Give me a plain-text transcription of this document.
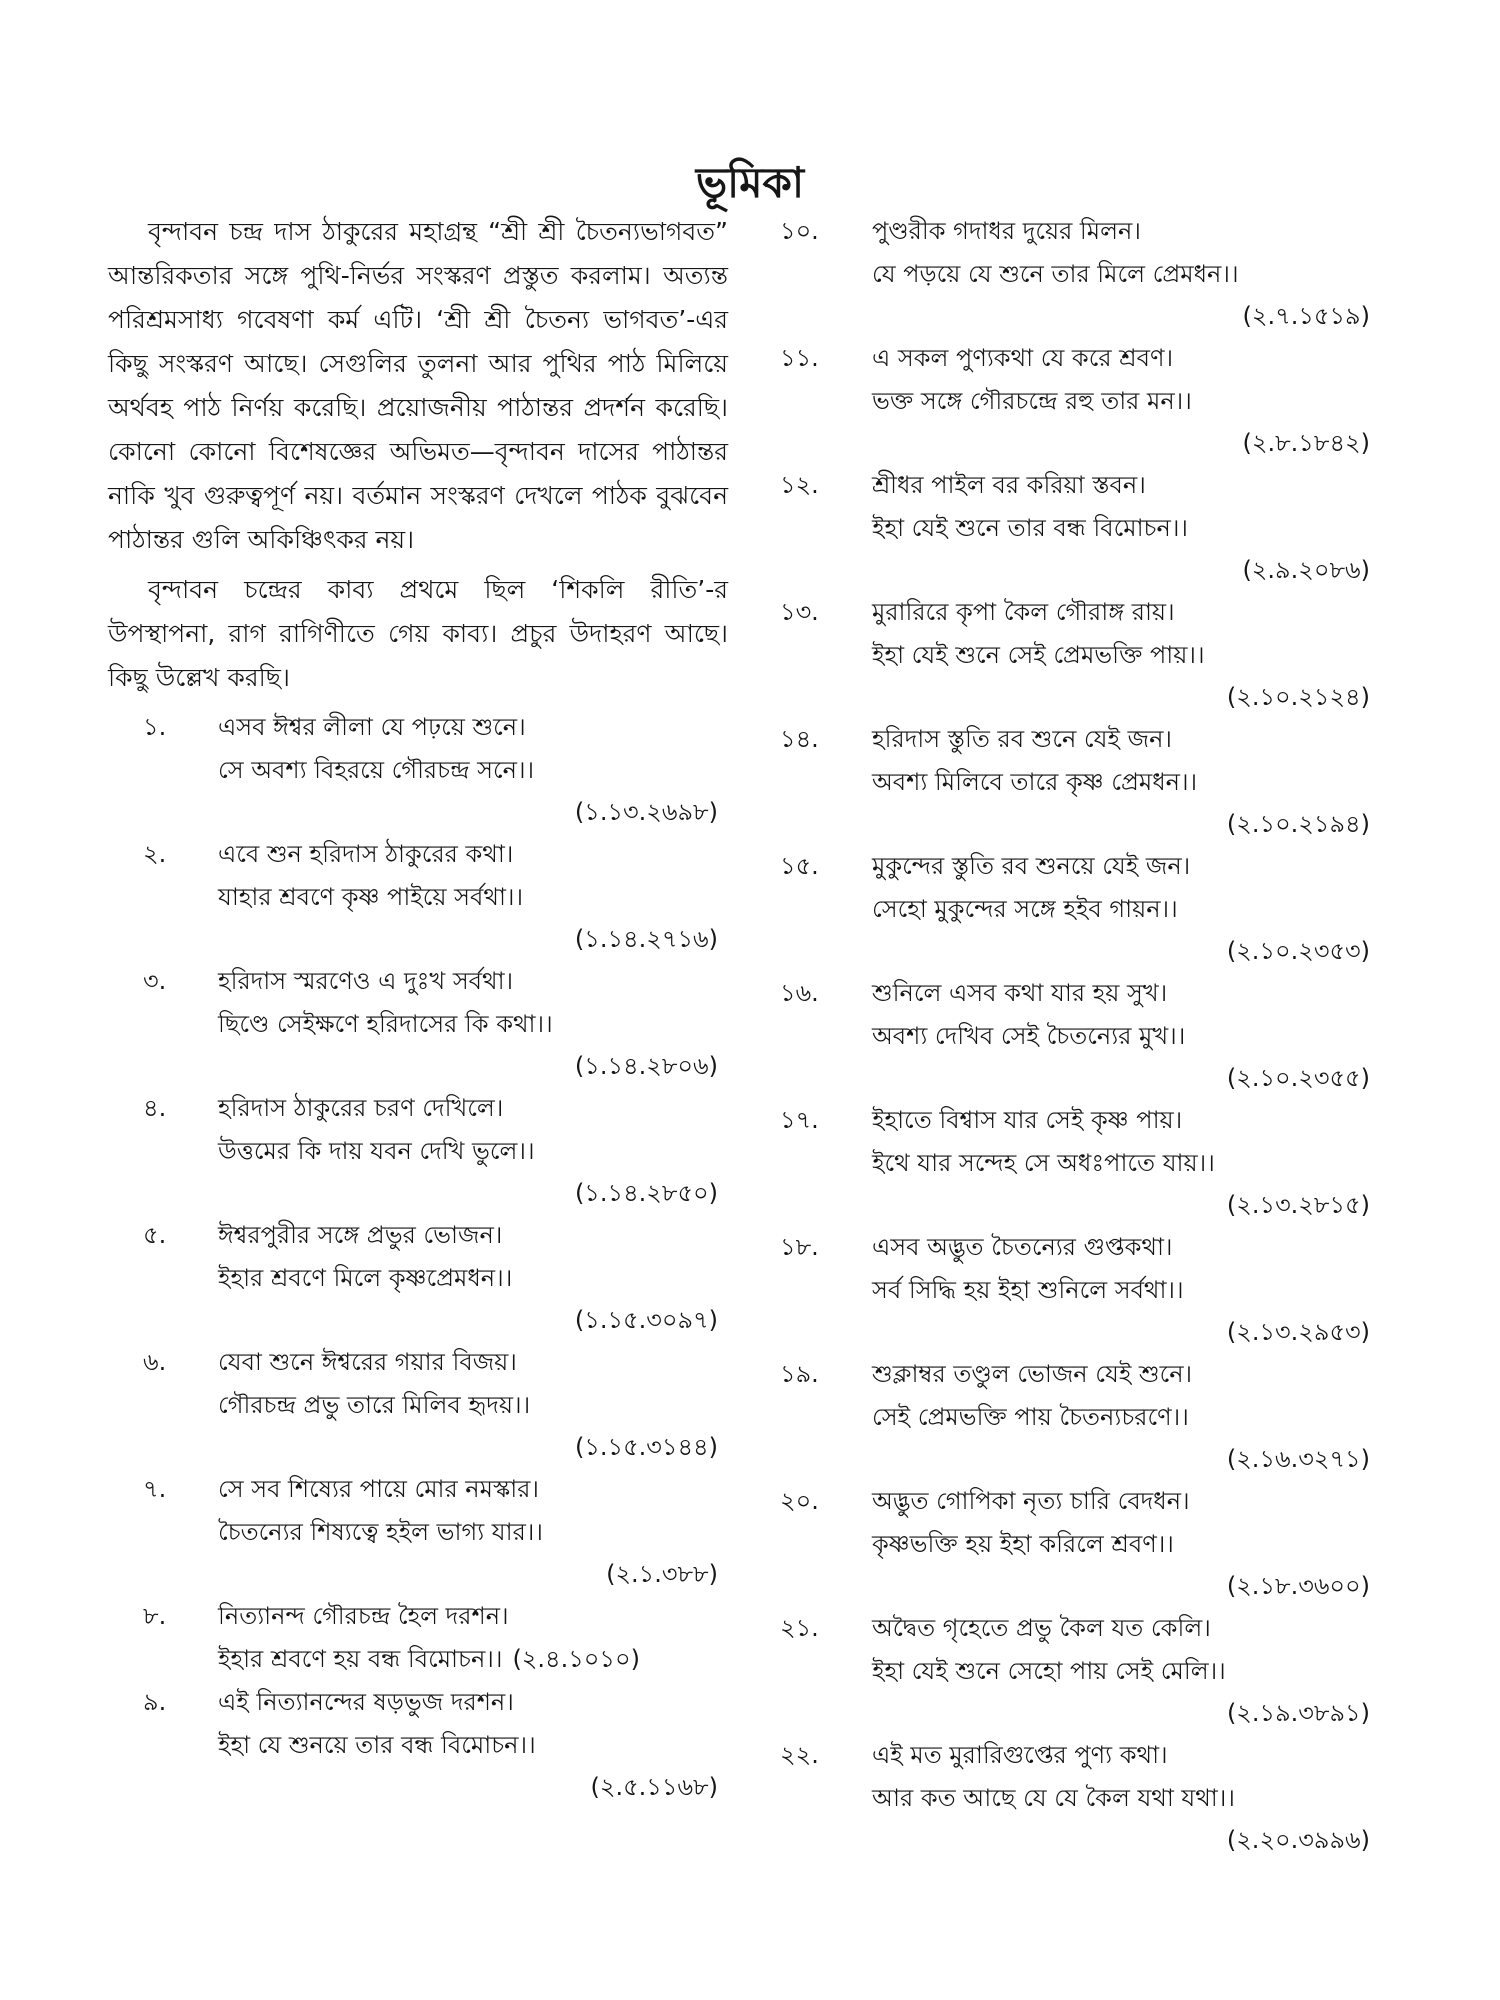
ভূমিকা

বৃন্দাবন চন্দ্র দাস ঠাকুরের মহাগ্রন্থ “শ্রী শ্রী চৈতন্যভাগবত” আন্তরিকতার সঙ্গে পুথি-নির্ভর সংস্করণ প্রস্তুত করলাম। অত্যন্ত পরিশ্রমসাধ্য গবেষণা কর্ম এটি। ‘শ্রী শ্রী চৈতন্য ভাগবত’-এর কিছু সংস্করণ আছে। সেগুলির তুলনা আর পুথির পাঠ মিলিয়ে অর্থবহ পাঠ নির্ণয় করেছি। প্রয়োজনীয় পাঠান্তর প্রদর্শন করেছি। কোনো কোনো বিশেষজ্ঞের অভিমত—বৃন্দাবন দাসের পাঠান্তর নাকি খুব গুরুত্বপূর্ণ নয়। বর্তমান সংস্করণ দেখলে পাঠক বুঝবেন পাঠান্তর গুলি অকিঞ্চিৎকর নয়।

বৃন্দাবন চন্দ্রের কাব্য প্রথমে ছিল ‘শিকলি রীতি’-র উপস্থাপনা, রাগ রাগিণীতে গেয় কাব্য। প্রচুর উদাহরণ আছে। কিছু উল্লেখ করছি।

১. এসব ঈশ্বর লীলা যে পঢ়য়ে শুনে।
সে অবশ্য বিহরয়ে গৌরচন্দ্র সনে।।
(১.১৩.২৬৯৮)
২. এবে শুন হরিদাস ঠাকুরের কথা।
যাহার শ্রবণে কৃষ্ণ পাইয়ে সর্বথা।।
(১.১৪.২৭১৬)
৩. হরিদাস স্মরণেও এ দুঃখ সর্বথা।
ছিণ্ডে সেইক্ষণে হরিদাসের কি কথা।।
(১.১৪.২৮০৬)
৪. হরিদাস ঠাকুরের চরণ দেখিলে।
উত্তমের কি দায় যবন দেখি ভুলে।।
(১.১৪.২৮৫০)
৫. ঈশ্বরপুরীর সঙ্গে প্রভুর ভোজন।
ইহার শ্রবণে মিলে কৃষ্ণপ্রেমধন।।
(১.১৫.৩০৯৭)
৬. যেবা শুনে ঈশ্বরের গয়ার বিজয়।
গৌরচন্দ্র প্রভু তারে মিলিব হৃদয়।।
(১.১৫.৩১৪৪)
৭. সে সব শিষ্যের পায়ে মোর নমস্কার।
চৈতন্যের শিষ্যত্বে হইল ভাগ্য যার।।
(২.১.৩৮৮)
৮. নিত্যানন্দ গৌরচন্দ্র হৈল দরশন।
ইহার শ্রবণে হয় বন্ধ বিমোচন।। (২.৪.১০১০)
৯. এই নিত্যানন্দের ষড়ভুজ দরশন।
ইহা যে শুনয়ে তার বন্ধ বিমোচন।।
(২.৫.১১৬৮)
১০. পুণ্ডরীক গদাধর দুয়ের মিলন।
যে পড়য়ে যে শুনে তার মিলে প্রেমধন।।
(২.৭.১৫১৯)
১১. এ সকল পুণ্যকথা যে করে শ্রবণ।
ভক্ত সঙ্গে গৌরচন্দ্রে রহু তার মন।।
(২.৮.১৮৪২)
১২. শ্রীধর পাইল বর করিয়া স্তবন।
ইহা যেই শুনে তার বন্ধ বিমোচন।।
(২.৯.২০৮৬)
১৩. মুরারিরে কৃপা কৈল গৌরাঙ্গ রায়।
ইহা যেই শুনে সেই প্রেমভক্তি পায়।।
(২.১০.২১২৪)
১৪. হরিদাস স্তুতি রব শুনে যেই জন।
অবশ্য মিলিবে তারে কৃষ্ণ প্রেমধন।।
(২.১০.২১৯৪)
১৫. মুকুন্দের স্তুতি রব শুনয়ে যেই জন।
সেহো মুকুন্দের সঙ্গে হইব গায়ন।।
(২.১০.২৩৫৩)
১৬. শুনিলে এসব কথা যার হয় সুখ।
অবশ্য দেখিব সেই চৈতন্যের মুখ।।
(২.১০.২৩৫৫)
১৭. ইহাতে বিশ্বাস যার সেই কৃষ্ণ পায়।
ইথে যার সন্দেহ সে অধঃপাতে যায়।।
(২.১৩.২৮১৫)
১৮. এসব অদ্ভুত চৈতন্যের গুপ্তকথা।
সর্ব সিদ্ধি হয় ইহা শুনিলে সর্বথা।।
(২.১৩.২৯৫৩)
১৯. শুক্লাম্বর তণ্ডুল ভোজন যেই শুনে।
সেই প্রেমভক্তি পায় চৈতন্যচরণে।।
(২.১৬.৩২৭১)
২০. অদ্ভুত গোপিকা নৃত্য চারি বেদধন।
কৃষ্ণভক্তি হয় ইহা করিলে শ্রবণ।।
(২.১৮.৩৬০০)
২১. অদ্বৈত গৃহেতে প্রভু কৈল যত কেলি।
ইহা যেই শুনে সেহো পায় সেই মেলি।।
(২.১৯.৩৮৯১)
২২. এই মত মুরারিগুপ্তের পুণ্য কথা।
আর কত আছে যে যে কৈল যথা যথা।।
(২.২০.৩৯৯৬)
